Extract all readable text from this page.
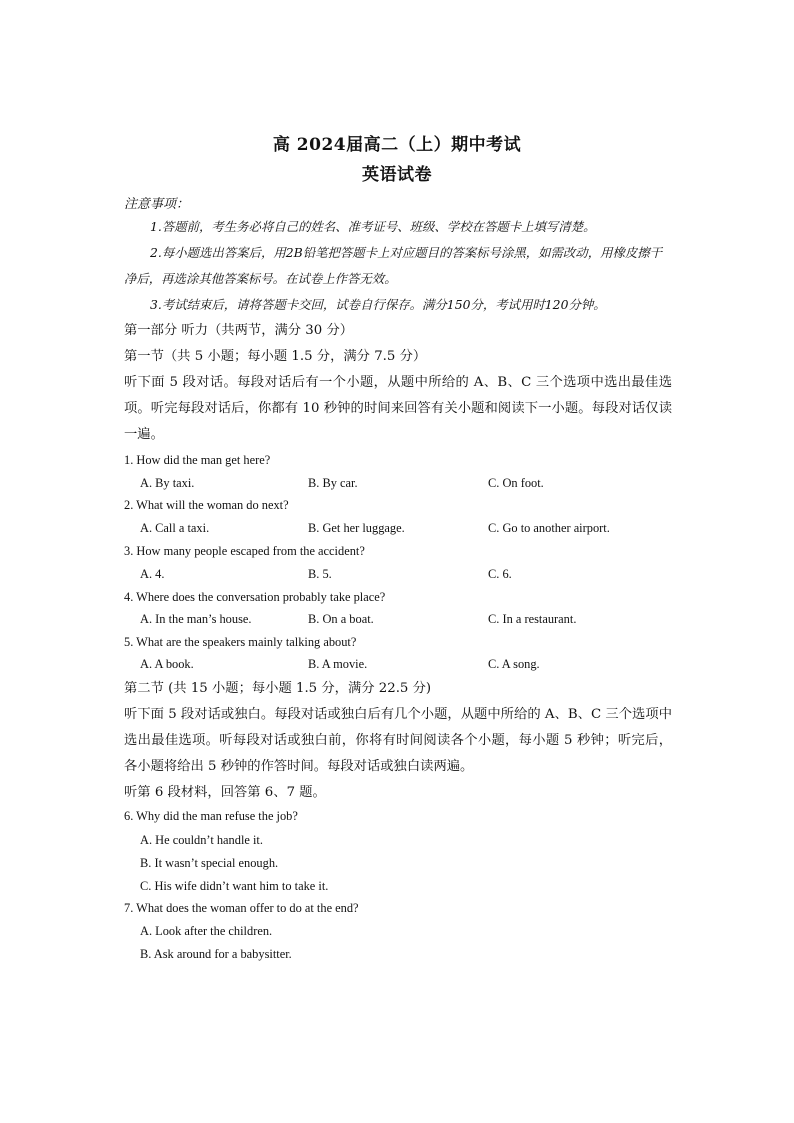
高 2024届高二（上）期中考试
英语试卷
注意事项：
1.答题前，考生务必将自己的姓名、准考证号、班级、学校在答题卡上填写清楚。
2.每小题选出答案后，用2B铅笔把答题卡上对应题目的答案标号涂黑，如需改动，用橡皮擦干净后，再选涂其他答案标号。在试卷上作答无效。
3.考试结束后，请将答题卡交回，试卷自行保存。满分150分，考试用时120分钟。
第一部分 听力（共两节，满分 30 分）
第一节（共 5 小题；每小题 1.5 分，满分 7.5 分）
听下面 5 段对话。每段对话后有一个小题，从题中所给的 A、B、C 三个选项中选出最佳选项。听完每段对话后，你都有 10 秒钟的时间来回答有关小题和阅读下一小题。每段对话仅读一遍。
1. How did the man get here?
A. By taxi.	B. By car.	C. On foot.
2. What will the woman do next?
A. Call a taxi.	B. Get her luggage.	C. Go to another airport.
3. How many people escaped from the accident?
A. 4.	B. 5.	C. 6.
4. Where does the conversation probably take place?
A. In the man’s house.	B. On a boat.	C. In a restaurant.
5. What are the speakers mainly talking about?
A. A book.	B. A movie.	C. A song.
第二节 (共 15 小题；每小题 1.5 分，满分 22.5 分)
听下面 5 段对话或独白。每段对话或独白后有几个小题，从题中所给的 A、B、C 三个选项中选出最佳选项。听每段对话或独白前，你将有时间阅读各个小题，每小题 5 秒钟；听完后，各小题将给出 5 秒钟的作答时间。每段对话或独白读两遍。
听第 6 段材料，回答第 6、7 题。
6. Why did the man refuse the job?
A. He couldn’t handle it.
B. It wasn’t special enough.
C. His wife didn’t want him to take it.
7. What does the woman offer to do at the end?
A. Look after the children.
B. Ask around for a babysitter.
